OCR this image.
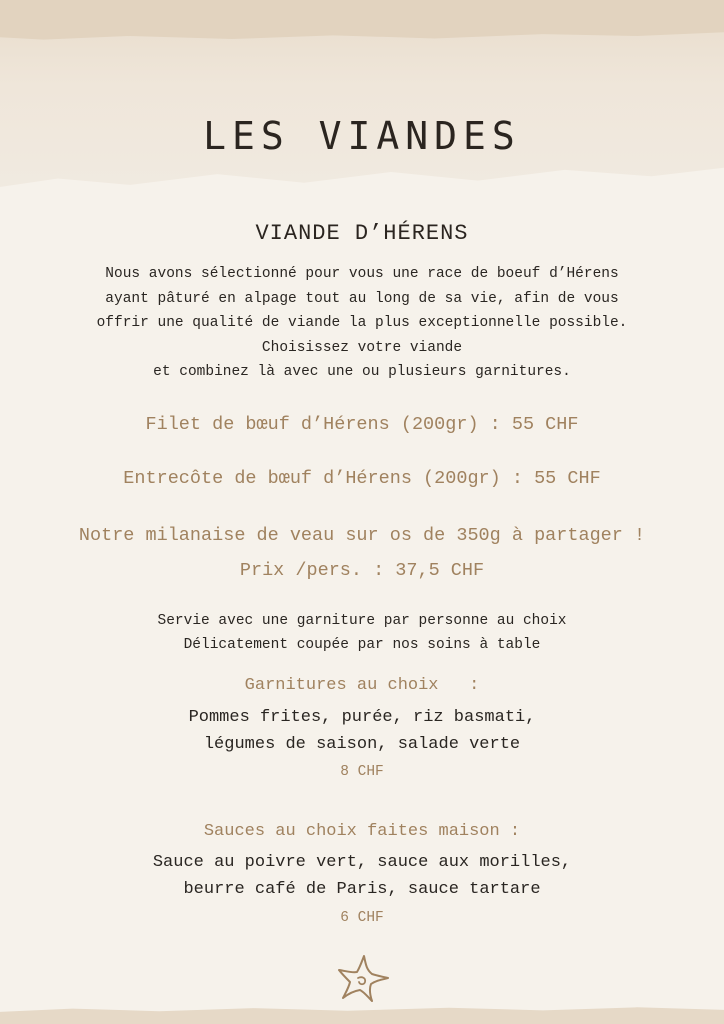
LES VIANDES
VIANDE D’HÉRENS
Nous avons sélectionné pour vous une race de boeuf d’Hérens
ayant pâturé en alpage tout au long de sa vie, afin de vous
offrir une qualité de viande la plus exceptionnelle possible.
Choisissez votre viande
et combinez là avec une ou plusieurs garnitures.
Filet de bœuf d’Hérens (200gr) : 55 CHF
Entrecôte de bœuf d’Hérens (200gr) : 55 CHF
Notre milanaise de veau sur os de 350g à partager !
Prix /pers. : 37,5 CHF
Servie avec une garniture par personne au choix
Délicatement coupée par nos soins à table
Garnitures au choix   :
Pommes frites, purée, riz basmati,
légumes de saison, salade verte
8 CHF
Sauces au choix faites maison :
Sauce au poivre vert, sauce aux morilles,
beurre café de Paris, sauce tartare
6 CHF
